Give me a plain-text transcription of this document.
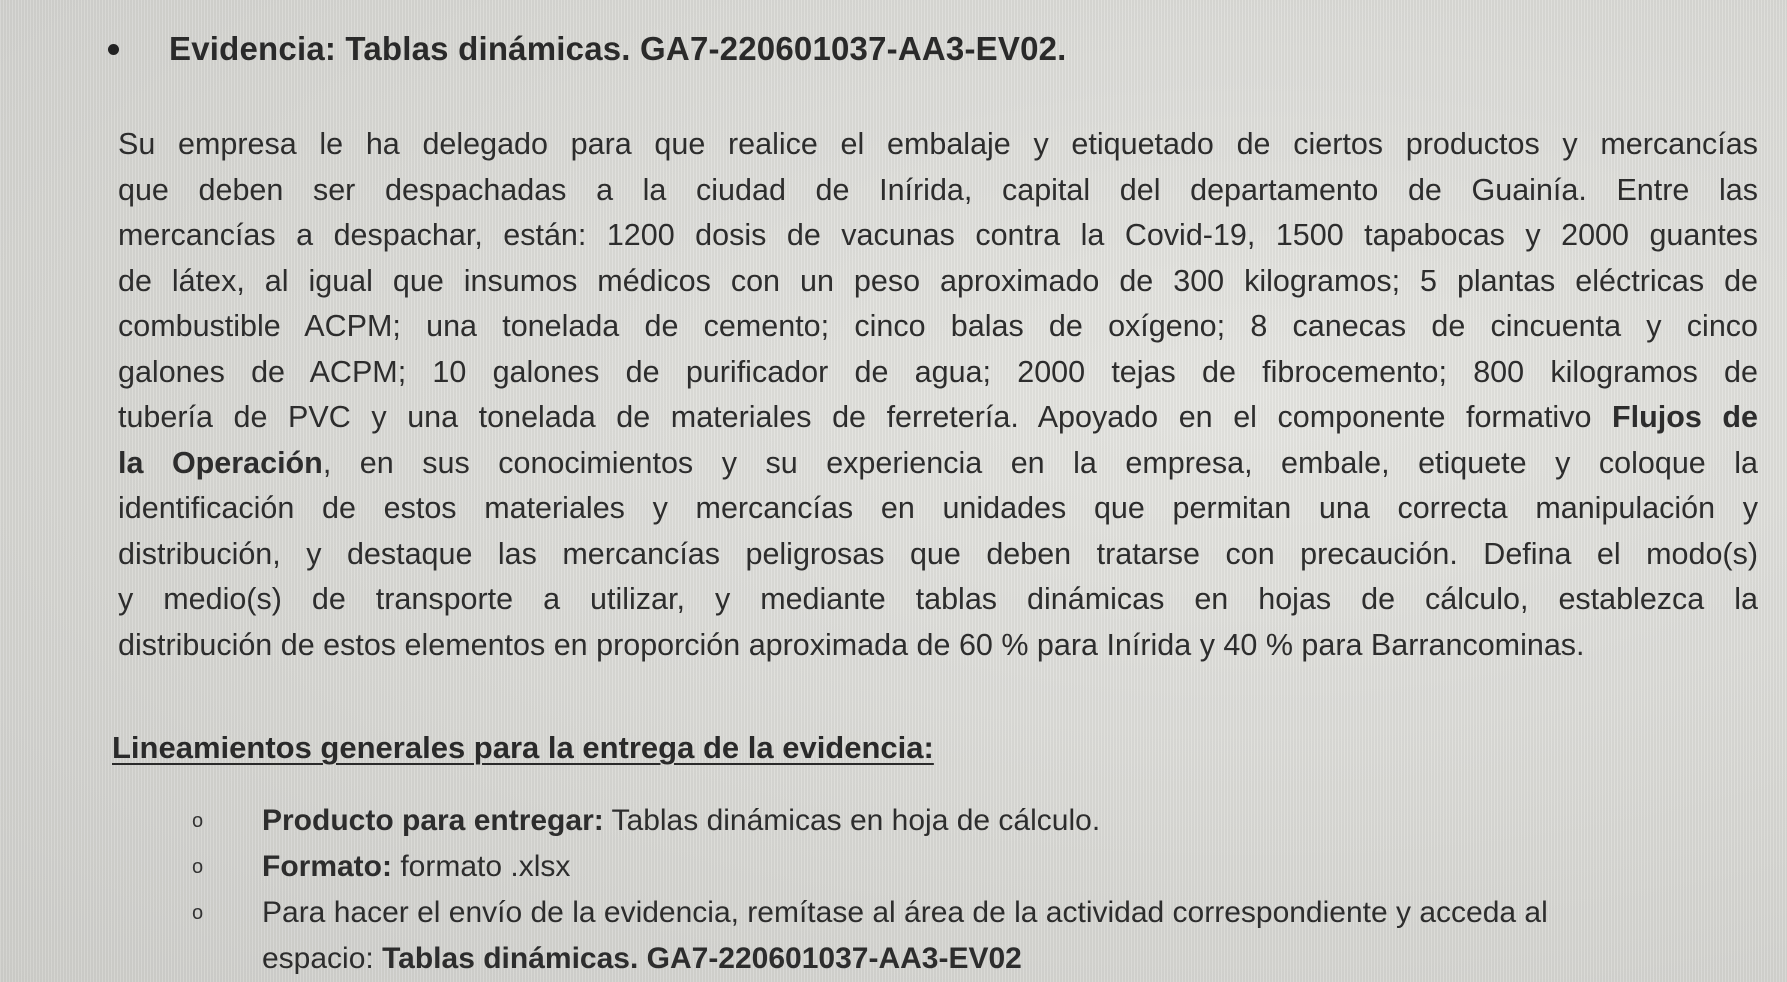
Evidencia: Tablas dinámicas. GA7-220601037-AA3-EV02.
Su empresa le ha delegado para que realice el embalaje y etiquetado de ciertos productos y mercancías
que deben ser despachadas a la ciudad de Inírida, capital del departamento de Guainía. Entre las
mercancías a despachar, están: 1200 dosis de vacunas contra la Covid-19, 1500 tapabocas y 2000 guantes
de látex, al igual que insumos médicos con un peso aproximado de 300 kilogramos; 5 plantas eléctricas de
combustible ACPM; una tonelada de cemento; cinco balas de oxígeno; 8 canecas de cincuenta y cinco
galones de ACPM; 10 galones de purificador de agua; 2000 tejas de fibrocemento; 800 kilogramos de
tubería de PVC y una tonelada de materiales de ferretería. Apoyado en el componente formativo Flujos de
la Operación, en sus conocimientos y su experiencia en la empresa, embale, etiquete y coloque la
identificación de estos materiales y mercancías en unidades que permitan una correcta manipulación y
distribución, y destaque las mercancías peligrosas que deben tratarse con precaución. Defina el modo(s)
y medio(s) de transporte a utilizar, y mediante tablas dinámicas en hojas de cálculo, establezca la
distribución de estos elementos en proporción aproximada de 60 % para Inírida y 40 % para Barrancominas.
Lineamientos generales para la entrega de la evidencia:
o	Producto para entregar: Tablas dinámicas en hoja de cálculo.
o	Formato: formato .xlsx
o	Para hacer el envío de la evidencia, remítase al área de la actividad correspondiente y acceda al
espacio: Tablas dinámicas. GA7-220601037-AA3-EV02
